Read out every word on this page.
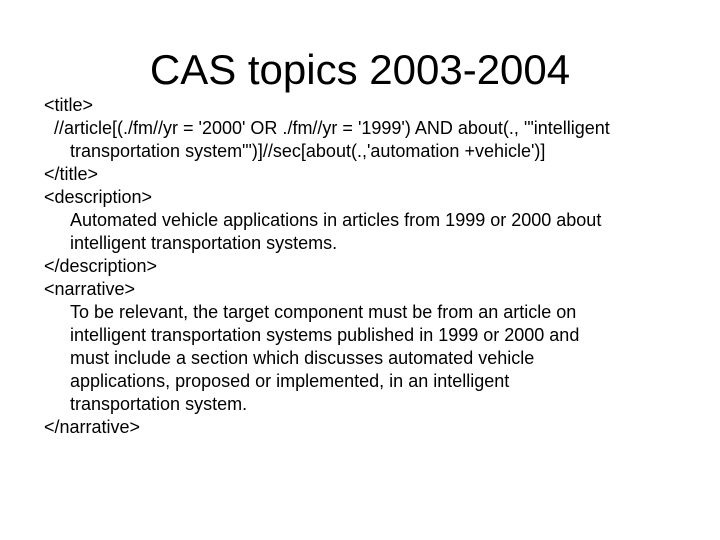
CAS topics 2003-2004
<title>
//article[(./fm//yr = '2000' OR ./fm//yr = '1999') AND about(., '"intelligent
transportation system"')]//sec[about(.,'automation +vehicle')]
</title>
<description>
Automated vehicle applications in articles from 1999 or 2000 about
intelligent transportation systems.
</description>
<narrative>
To be relevant, the target component must be from an article on
intelligent transportation systems published in 1999 or 2000 and
must include a section which discusses automated vehicle
applications, proposed or implemented, in an intelligent
transportation system.
</narrative>
